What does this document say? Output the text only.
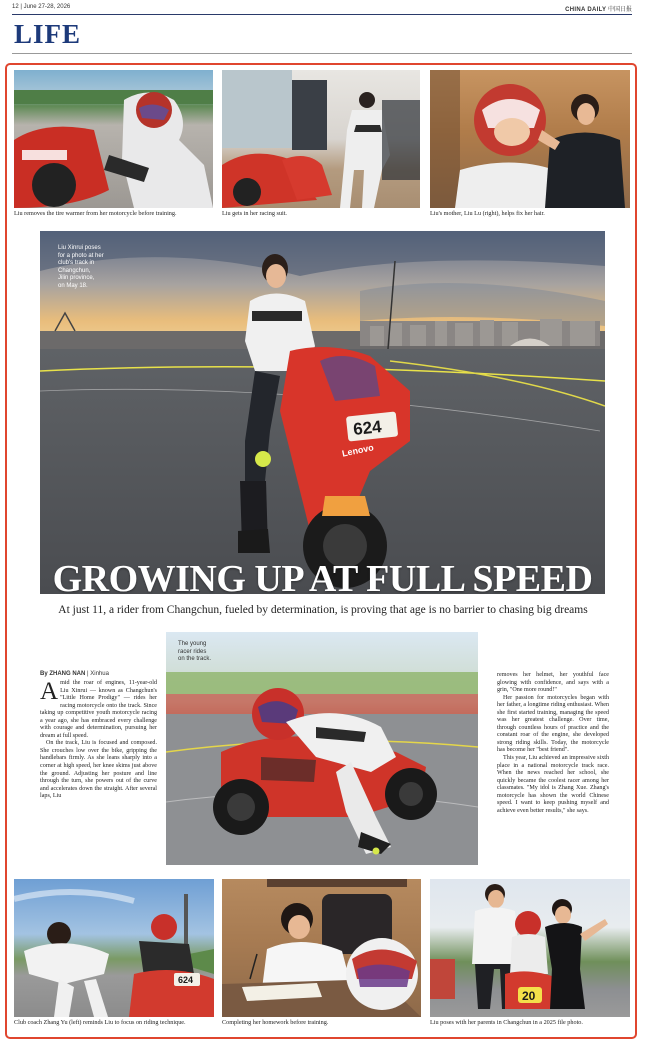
12 | June 27-28, 2026	CHINA DAILY 中国日报
LIFE
Liu removes the tire warmer from her motorcycle before training.	Liu gets in her racing suit.	Liu's mother, Liu Lu (right), helps fix her hair.
624
Lenovo
Liu Xinrui poses
for a photo at her
club's track in
Changchun,
Jilin province,
on May 18.
GROWING UP AT FULL SPEED
At just 11, a rider from Changchun, fueled by determination, is proving that age is no barrier to chasing big dreams
By ZHANG NAN | Xinhua

Amid the roar of engines, 11-year-old Liu Xinrui — known as Changchun's "Little Home Prodigy" — rides her racing motorcycle onto the track. Since taking up competitive youth motorcycle racing a year ago, she has embraced every challenge with courage and determination, pursuing her dream at full speed.

On the track, Liu is focused and composed. She crouches low over the bike, gripping the handlebars firmly. As she leans sharply into a corner at high speed, her knee skims just above the ground. Adjusting her posture and line through the turn, she powers out of the curve and accelerates down the straight. After several laps, Liu

The young
racer rides
on the track.

removes her helmet, her youthful face glowing with confidence, and says with a grin, "One more round!"

Her passion for motorcycles began with her father, a longtime riding enthusiast. When she first started training, managing the speed was her greatest challenge. Over time, through countless hours of practice and the constant roar of the engine, she developed strong riding skills. Today, the motorcycle has become her "best friend".

This year, Liu achieved an impressive sixth place in a national motorcycle track race. When the news reached her school, she quickly became the coolest racer among her classmates. "My idol is Zhang Xue. Zhang's motorcycle has shown the world Chinese speed. I want to keep pushing myself and achieve even better results," she says.

624
Club coach Zhang Yu (left) reminds Liu to focus on riding technique.	Completing her homework before training.
20
Liu poses with her parents in Changchun in a 2025 file photo.
